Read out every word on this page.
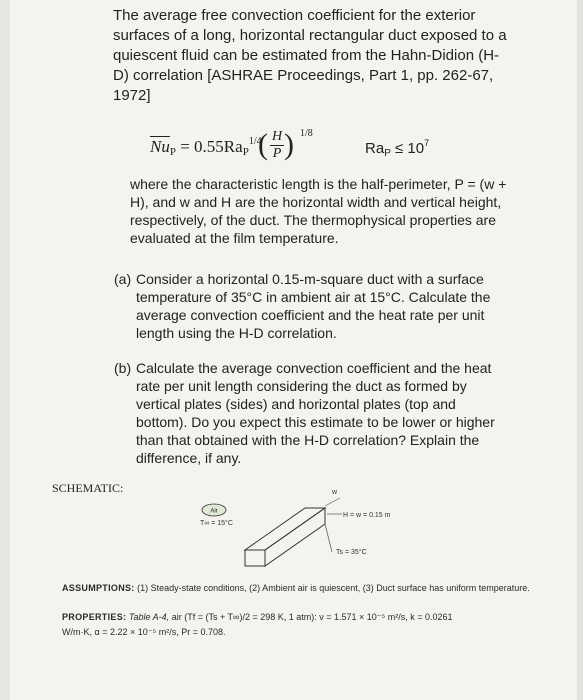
The average free convection coefficient for the exterior surfaces of a long, horizontal rectangular duct exposed to a quiescent fluid can be estimated from the Hahn-Didion (H-D) correlation [ASHRAE Proceedings, Part 1, pp. 262-67, 1972]
$\overline{Nu}_P = 0.55Ra_P^{1/4}$
( H
P ) 1/8
$Ra_P \le 10^7$
where the characteristic length is the half-perimeter, P = (w + H), and w and H are the horizontal width and vertical height, respectively, of the duct. The thermophysical properties are evaluated at the film temperature.
(a) Consider a horizontal 0.15-m-square duct with a surface temperature of 35°C in ambient air at 15°C. Calculate the average convection coefficient and the heat rate per unit length using the H-D correlation.
(b) Calculate the average convection coefficient and the heat rate per unit length considering the duct as formed by vertical plates (sides) and horizontal plates (top and bottom). Do you expect this estimate to be lower or higher than that obtained with the H-D correlation? Explain the difference, if any.
SCHEMATIC:	w
H = w = 0.15 m
Ts = 35°C
Air
T∞ = 15°C
ASSUMPTIONS: (1) Steady-state conditions, (2) Ambient air is quiescent, (3) Duct surface has uniform temperature.
PROPERTIES: Table A-4, air (Tf = (Ts + T∞)/2 = 298 K, 1 atm): ν = 1.571 × 10⁻⁵ m²/s, k = 0.0261
W/m·K, α = 2.22 × 10⁻⁵ m²/s, Pr = 0.708.
